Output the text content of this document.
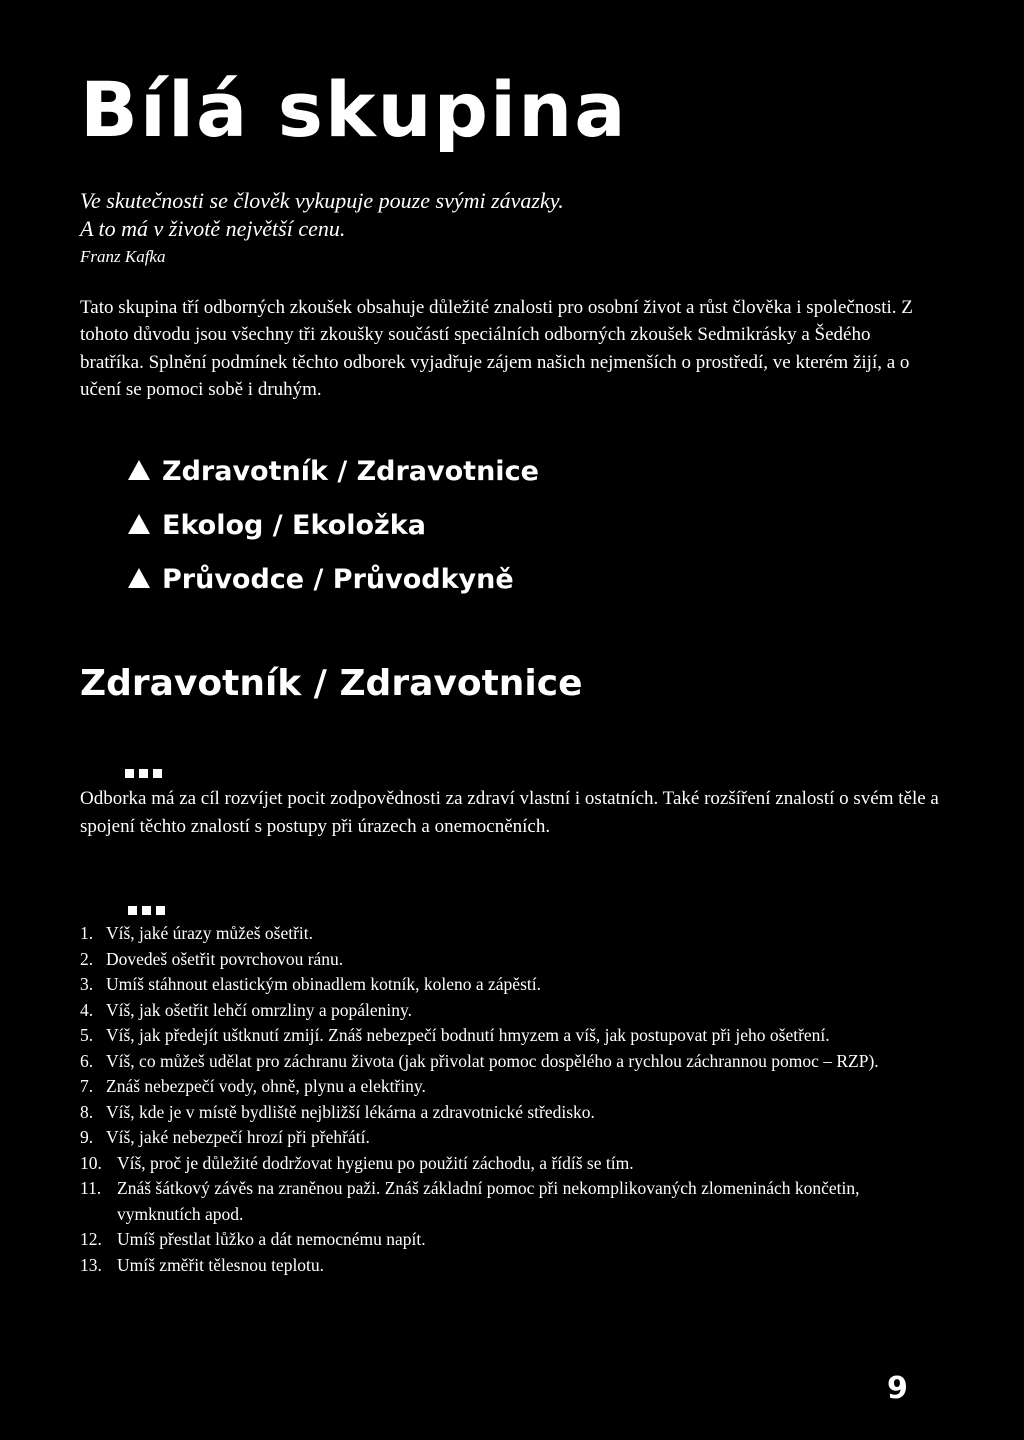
Bílá skupina
Ve skutečnosti se člověk vykupuje pouze svými závazky.
A to má v životě největší cenu.
Franz Kafka

Tato skupina tří odborných zkoušek obsahuje důležité znalosti pro osobní život a růst člověka i společnosti. Z tohoto důvodu jsou všechny tři zkoušky součástí speciálních odborných zkoušek Sedmikrásky a Šedého bratříka. Splnění podmínek těchto odborek vyjadřuje zájem našich nejmenších o prostředí, ve kterém žijí, a o učení se pomoci sobě i druhým.

Zdravotník / Zdravotnice
Ekolog / Ekoložka
Průvodce / Průvodkyně
Zdravotník / Zdravotnice

Odborka má za cíl rozvíjet pocit zodpovědnosti za zdraví vlastní i ostatních. Také rozšíření znalostí o svém těle a spojení těchto znalostí s postupy při úrazech a onemocněních.

1. Víš, jaké úrazy můžeš ošetřit.
2. Dovedeš ošetřit povrchovou ránu.
3. Umíš stáhnout elastickým obinadlem kotník, koleno a zápěstí.
4. Víš, jak ošetřit lehčí omrzliny a popáleniny.
5. Víš, jak předejít uštknutí zmijí. Znáš nebezpečí bodnutí hmyzem a víš, jak postupovat při jeho ošetření.
6. Víš, co můžeš udělat pro záchranu života (jak přivolat pomoc dospělého a rychlou záchrannou pomoc – RZP).
7. Znáš nebezpečí vody, ohně, plynu a elektřiny.
8. Víš, kde je v místě bydliště nejbližší lékárna a zdravotnické středisko.
9. Víš, jaké nebezpečí hrozí při přehřátí.
10. Víš, proč je důležité dodržovat hygienu po použití záchodu, a řídíš se tím.
11. Znáš šátkový závěs na zraněnou paži. Znáš základní pomoc při nekomplikovaných zlomeninách končetin, vymknutích apod.
12. Umíš přestlat lůžko a dát nemocnému napít.
13. Umíš změřit tělesnou teplotu.
9
